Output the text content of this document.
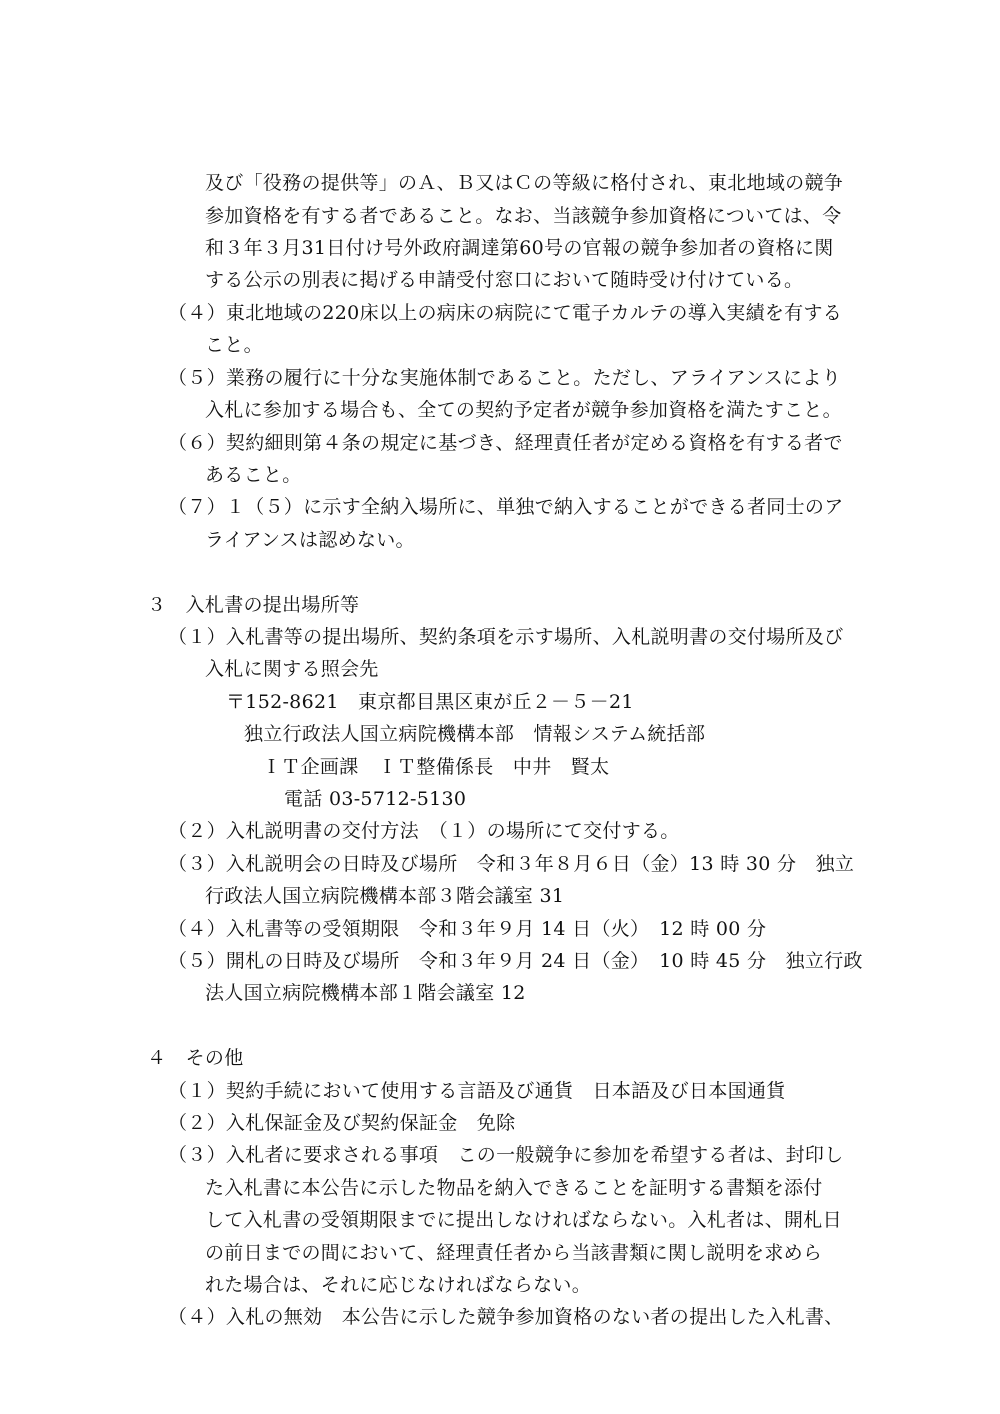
及び「役務の提供等」のＡ、Ｂ又はＣの等級に格付され、東北地域の競争
参加資格を有する者であること。なお、当該競争参加資格については、令
和３年３月31日付け号外政府調達第60号の官報の競争参加者の資格に関
する公示の別表に掲げる申請受付窓口において随時受け付けている。
（４）東北地域の220床以上の病床の病院にて電子カルテの導入実績を有する
こと。
（５）業務の履行に十分な実施体制であること。ただし、アライアンスにより
入札に参加する場合も、全ての契約予定者が競争参加資格を満たすこと。
（６）契約細則第４条の規定に基づき、経理責任者が定める資格を有する者で
あること。
（７）１（５）に示す全納入場所に、単独で納入することができる者同士のア
ライアンスは認めない。
３　入札書の提出場所等
（１）入札書等の提出場所、契約条項を示す場所、入札説明書の交付場所及び
入札に関する照会先
〒152-8621　東京都目黒区東が丘２－５－21
独立行政法人国立病院機構本部　情報システム統括部
ＩＴ企画課　ＩＴ整備係長　中井　賢太
電話 03-5712-5130
（２）入札説明書の交付方法　（１）の場所にて交付する。
（３）入札説明会の日時及び場所　令和３年８月６日（金）13 時 30 分　独立
行政法人国立病院機構本部３階会議室 31
（４）入札書等の受領期限　令和３年９月 14 日（火）　12 時 00 分
（５）開札の日時及び場所　令和３年９月 24 日（金）　10 時 45 分　独立行政
法人国立病院機構本部１階会議室 12
４　その他
（１）契約手続において使用する言語及び通貨　日本語及び日本国通貨
（２）入札保証金及び契約保証金　免除
（３）入札者に要求される事項　この一般競争に参加を希望する者は、封印し
た入札書に本公告に示した物品を納入できることを証明する書類を添付
して入札書の受領期限までに提出しなければならない。入札者は、開札日
の前日までの間において、経理責任者から当該書類に関し説明を求めら
れた場合は、それに応じなければならない。
（４）入札の無効　本公告に示した競争参加資格のない者の提出した入札書、
